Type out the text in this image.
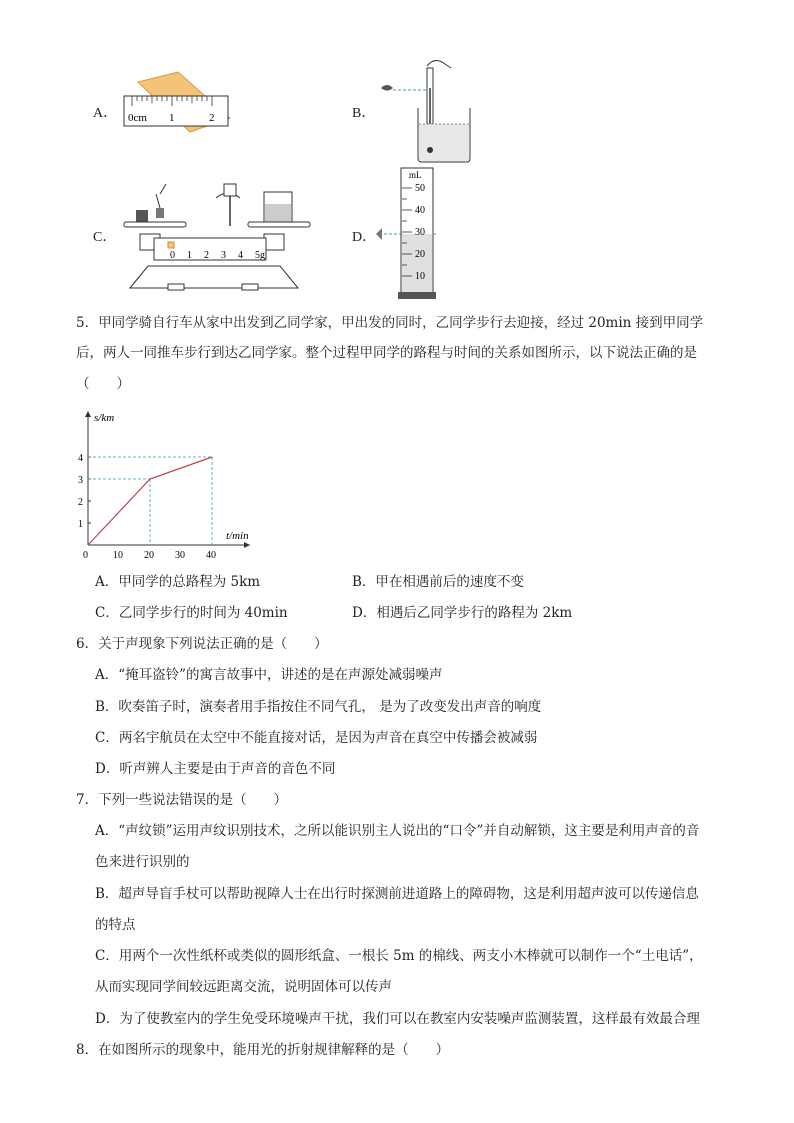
A． 0cm 1	2	B．
C．
0 1 2 3 4 5g
D．
mL
50
40
30
20
10
5．甲同学骑自行车从家中出发到乙同学家，甲出发的同时，乙同学步行去迎接，经过 20min 接到甲同学
后，两人一同推车步行到达乙同学家。整个过程甲同学的路程与时间的关系如图所示，以下说法正确的是
（　　）
t/min
s/km
0	10 20 30 40
1
2
3
4
A．甲同学的总路程为 5km	B．甲在相遇前后的速度不变
C．乙同学步行的时间为 40min	D．相遇后乙同学步行的路程为 2km
6．关于声现象下列说法正确的是（　　）
A．“掩耳盗铃”的寓言故事中，讲述的是在声源处减弱噪声
B．吹奏笛子时，演奏者用手指按住不同气孔， 是为了改变发出声音的响度
C．两名宇航员在太空中不能直接对话，是因为声音在真空中传播会被减弱
D．听声辨人主要是由于声音的音色不同
7．下列一些说法错误的是（　　）
A．“声纹锁”运用声纹识别技术，之所以能识别主人说出的“口令”并自动解锁，这主要是利用声音的音
色来进行识别的
B．超声导盲手杖可以帮助视障人士在出行时探测前进道路上的障碍物，这是利用超声波可以传递信息
的特点
C．用两个一次性纸杯或类似的圆形纸盒、一根长 5m 的棉线、两支小木棒就可以制作一个“土电话”，
从而实现同学间较远距离交流，说明固体可以传声
D．为了使教室内的学生免受环境噪声干扰，我们可以在教室内安装噪声监测装置，这样最有效最合理
8．在如图所示的现象中，能用光的折射规律解释的是（　　）
